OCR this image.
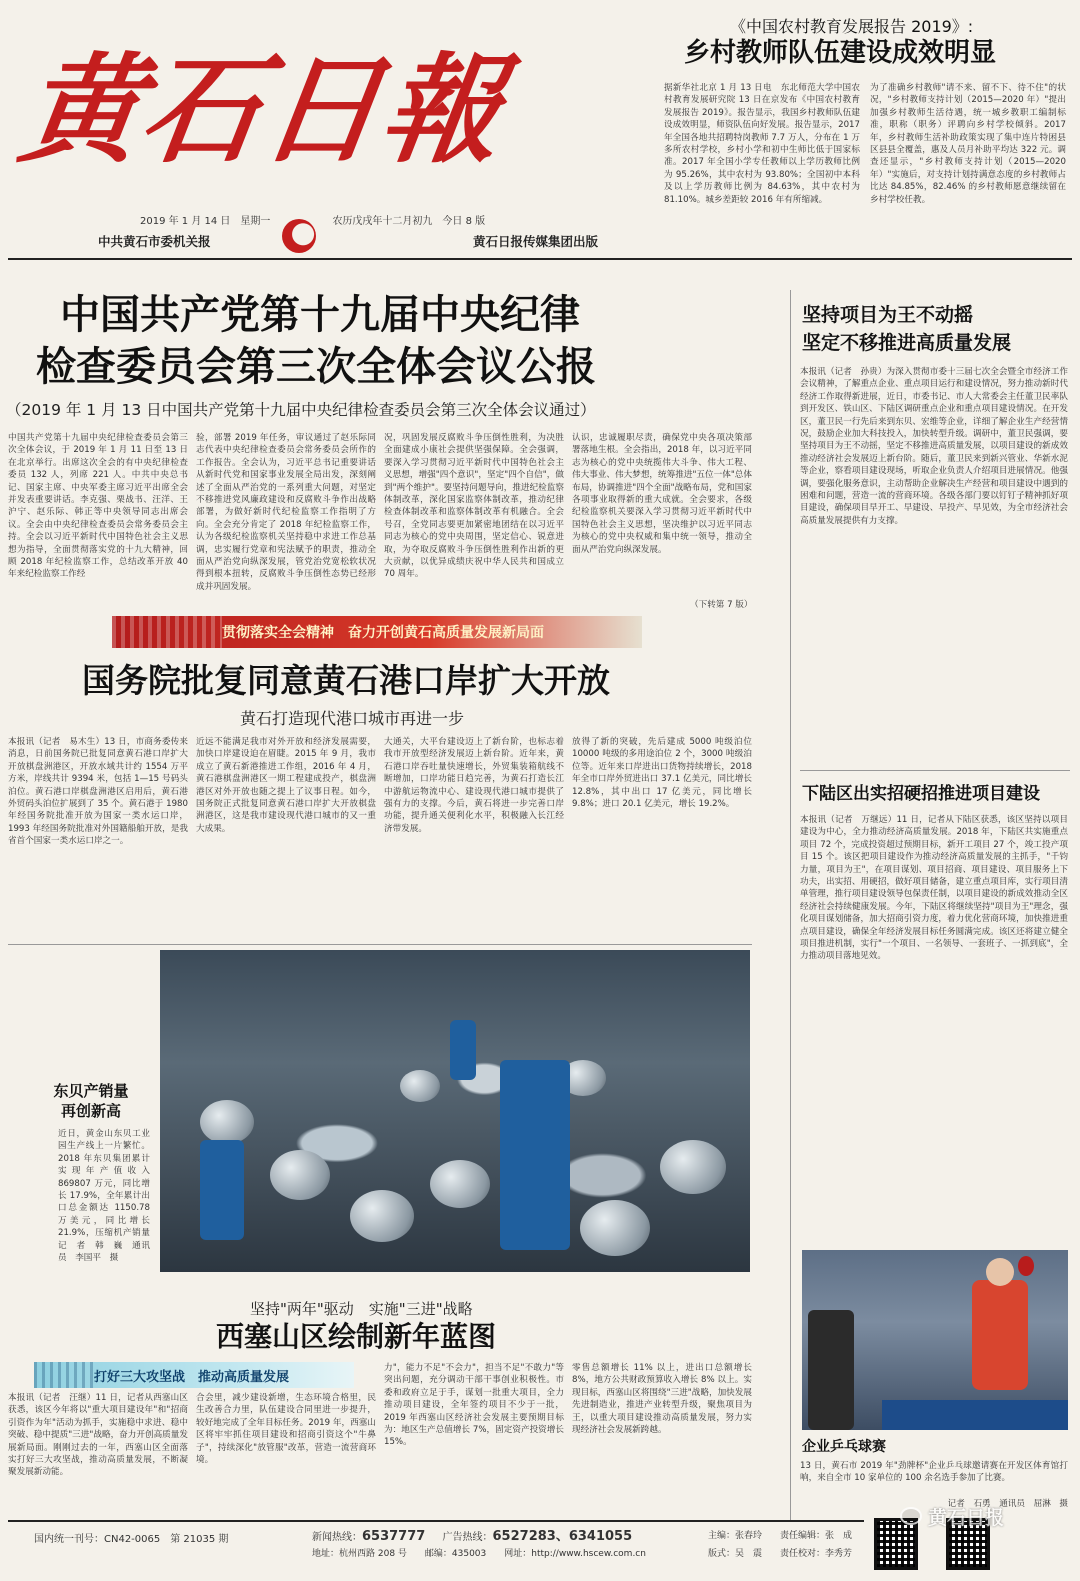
黄石日報
2019 年 1 月 14 日　星期一	农历戊戌年十二月初九　今日 8 版
中共黄石市委机关报	黄石日报传媒集团出版
《中国农村教育发展报告 2019》:
乡村教师队伍建设成效明显
据新华社北京 1 月 13 日电　东北师范大学中国农村教育发展研究院 13 日在京发布《中国农村教育发展报告 2019》。报告显示，我国乡村教师队伍建设成效明显，师资队伍向好发展。报告显示，2017 年全国各地共招聘特岗教师 7.7 万人，分布在 1 万多所农村学校，乡村小学和初中生师比低于国家标准。2017 年全国小学专任教师以上学历教师比例为 95.26%，其中农村为 93.80%；全国初中本科及以上学历教师比例为 84.63%，其中农村为 81.10%。城乡差距较 2016 年有所缩减。
为了准确乡村教师"请不来、留不下、待不住"的状况，"乡村教师支持计划（2015—2020 年）"提出加强乡村教师生活待遇，统一城乡教职工编制标准，职称（职务）评聘向乡村学校倾斜。2017 年，乡村教师生活补助政策实现了集中连片特困县区县县全覆盖，惠及人员月补助平均达 322 元。调查还显示，"乡村教师支持计划（2015—2020 年）"实施后，对支持计划持满意态度的乡村教师占比达 84.85%，82.46% 的乡村教师愿意继续留在乡村学校任教。
中国共产党第十九届中央纪律
检查委员会第三次全体会议公报
（2019 年 1 月 13 日中国共产党第十九届中央纪律检查委员会第三次全体会议通过）
中国共产党第十九届中央纪律检查委员会第三次全体会议，于 2019 年 1 月 11 日至 13 日在北京举行。出席这次全会的有中央纪律检查委员 132 人，列席 221 人。中共中央总书记、国家主席、中央军委主席习近平出席全会并发表重要讲话。李克强、栗战书、汪洋、王沪宁、赵乐际、韩正等中央领导同志出席会议。全会由中央纪律检查委员会常务委员会主持。全会以习近平新时代中国特色社会主义思想为指导，全面贯彻落实党的十九大精神，回顾 2018 年纪检监察工作，总结改革开放 40 年来纪检监察工作经
验，部署 2019 年任务，审议通过了赵乐际同志代表中央纪律检查委员会常务委员会所作的工作报告。全会认为，习近平总书记重要讲话从新时代党和国家事业发展全局出发，深刻阐述了全面从严治党的一系列重大问题，对坚定不移推进党风廉政建设和反腐败斗争作出战略部署，为做好新时代纪检监察工作指明了方向。全会充分肯定了 2018 年纪检监察工作，认为各级纪检监察机关坚持稳中求进工作总基调，忠实履行党章和宪法赋予的职责，推动全面从严治党向纵深发展，管党治党宽松软状况得到根本扭转，反腐败斗争压倒性态势已经形成并巩固发展。
况，巩固发展反腐败斗争压倒性胜利，为决胜全面建成小康社会提供坚强保障。全会强调，要深入学习贯彻习近平新时代中国特色社会主义思想，增强"四个意识"，坚定"四个自信"，做到"两个维护"。要坚持问题导向，推进纪检监察体制改革，深化国家监察体制改革，推动纪律检查体制改革和监察体制改革有机融合。全会号召，全党同志要更加紧密地团结在以习近平同志为核心的党中央周围，坚定信心、锐意进取，为夺取反腐败斗争压倒性胜利作出新的更大贡献，以优异成绩庆祝中华人民共和国成立 70 周年。
认识，忠诚履职尽责，确保党中央各项决策部署落地生根。全会指出，2018 年，以习近平同志为核心的党中央统揽伟大斗争、伟大工程、伟大事业、伟大梦想，统筹推进"五位一体"总体布局，协调推进"四个全面"战略布局，党和国家各项事业取得新的重大成就。全会要求，各级纪检监察机关要深入学习贯彻习近平新时代中国特色社会主义思想，坚决维护以习近平同志为核心的党中央权威和集中统一领导，推动全面从严治党向纵深发展。
（下转第 7 版）
贯彻落实全会精神　奋力开创黄石高质量发展新局面
国务院批复同意黄石港口岸扩大开放
黄石打造现代港口城市再进一步
本报讯（记者　易木生）13 日，市商务委传来消息，日前国务院已批复同意黄石港口岸扩大开放棋盘洲港区，开放水域共计约 1554 万平方米，岸线共计 9394 米，包括 1—15 号码头泊位。黄石港口岸棋盘洲港区启用后，黄石港外贸码头泊位扩展到了 35 个。黄石港于 1980 年经国务院批准开放为国家一类水运口岸，1993 年经国务院批准对外国籍船舶开放，是我省首个国家一类水运口岸之一。
近远不能满足我市对外开放和经济发展需要，加快口岸建设迫在眉睫。2015 年 9 月，我市成立了黄石新港推进工作组，2016 年 4 月，黄石港棋盘洲港区一期工程建成投产，棋盘洲港区对外开放也随之提上了议事日程。如今，国务院正式批复同意黄石港口岸扩大开放棋盘洲港区，这是我市建设现代港口城市的又一重大成果。
大通关，大平台建设迈上了新台阶，也标志着我市开放型经济发展迈上新台阶。近年来，黄石港口岸吞吐量快速增长，外贸集装箱航线不断增加，口岸功能日趋完善，为黄石打造长江中游航运物流中心、建设现代港口城市提供了强有力的支撑。今后，黄石将进一步完善口岸功能，提升通关便利化水平，积极融入长江经济带发展。
放得了新的突破，先后建成 5000 吨级泊位 10000 吨级的多用途泊位 2 个，3000 吨级泊位等。近年来口岸进出口货物持续增长，2018 年全市口岸外贸进出口 37.1 亿美元，同比增长 12.8%，其中出口 17 亿美元，同比增长 9.8%；进口 20.1 亿美元，增长 19.2%。
东贝产销量
再创新高
近日，黄金山东贝工业园生产线上一片繁忙。2018 年东贝集团累计实现年产值收入 869807 万元，同比增长 17.9%，全年累计出口总金额达 1150.78 万美元，同比增长 21.9%，压缩机产销量
记　者　韩　巍　通讯员　李国平　摄
坚持"两年"驱动　实施"三进"战略
西塞山区绘制新年蓝图
打好三大攻坚战　推动高质量发展
本报讯（记者　汪继）11 日，记者从西塞山区获悉，该区今年将以"重大项目建设年"和"招商引资作为年"活动为抓手，实施稳中求进、稳中突破、稳中提质"三进"战略，奋力开创高质量发展新局面。刚刚过去的一年，西塞山区全面落实打好三大攻坚战，推动高质量发展，不断凝聚发展新动能。
合会里，减少建设新增，生态环境合格里，民生改善合力里，队伍建设合同里进一步提升，较好地完成了全年目标任务。2019 年，西塞山区将牢牢抓住项目建设和招商引资这个"牛鼻子"，持续深化"放管服"改革，营造一流营商环境。
力"，能力不足"不会力"，担当不足"不敢力"等突出问题，充分调动干部干事创业积极性。市委和政府立足于手，谋划一批重大项目，全力推动项目建设，全年签约项目不少于一批，2019 年西塞山区经济社会发展主要预期目标为：地区生产总值增长 7%，固定资产投资增长 15%。
零售总额增长 11% 以上，进出口总额增长 8%，地方公共财政预算收入增长 8% 以上。实现目标，西塞山区将围绕"三进"战略，加快发展先进制造业，推进产业转型升级，聚焦项目为王，以重大项目建设推动高质量发展，努力实现经济社会发展新跨越。
坚持项目为王不动摇
坚定不移推进高质量发展
本报讯（记者　孙贵）为深入贯彻市委十三届七次全会暨全市经济工作会议精神，了解重点企业、重点项目运行和建设情况，努力推动新时代经济工作取得新进展，近日，市委书记、市人大常委会主任董卫民率队到开发区、铁山区、下陆区调研重点企业和重点项目建设情况。在开发区，董卫民一行先后来到东贝、宏维等企业，详细了解企业生产经营情况，鼓励企业加大科技投入，加快转型升级。调研中，董卫民强调，要坚持项目为王不动摇，坚定不移推进高质量发展，以项目建设的新成效推动经济社会发展迈上新台阶。随后，董卫民来到新兴管业、华新水泥等企业，察看项目建设现场，听取企业负责人介绍项目进展情况。他强调，要强化服务意识，主动帮助企业解决生产经营和项目建设中遇到的困难和问题，营造一流的营商环境。各级各部门要以钉钉子精神抓好项目建设，确保项目早开工、早建设、早投产、早见效，为全市经济社会高质量发展提供有力支撑。
下陆区出实招硬招推进项目建设
本报讯（记者　万继远）11 日，记者从下陆区获悉，该区坚持以项目建设为中心，全力推动经济高质量发展。2018 年，下陆区共实施重点项目 72 个，完成投资超过预期目标，新开工项目 27 个，竣工投产项目 15 个。该区把项目建设作为推动经济高质量发展的主抓手，"千钧力量，项目为王"，在项目谋划、项目招商、项目建设、项目服务上下功夫，出实招、用硬招，做好项目储备，建立重点项目库，实行项目清单管理，推行项目建设领导包保责任制，以项目建设的新成效推动全区经济社会持续健康发展。今年，下陆区将继续坚持"项目为王"理念，强化项目谋划储备，加大招商引资力度，着力优化营商环境，加快推进重点项目建设，确保全年经济发展目标任务圆满完成。该区还将建立健全项目推进机制，实行"一个项目、一名领导、一套班子、一抓到底"，全力推动项目落地见效。
企业乒乓球赛
13 日，黄石市 2019 年"劲牌杯"企业乒乓球邀请赛在开发区体育馆打响，来自全市 10 家单位的 100 余名选手参加了比赛。
记者　石勇　通讯员　屈淋　摄
国内统一刊号：CN42-0065　第 21035 期	新闻热线：6537777 广告热线：6527283、6341055
地址：杭州西路 208 号　　邮编：435003　　网址：http://www.hscew.com.cn
主编：张春玲　　责任编辑：张　成
版式：吴　震　　责任校对：李秀芳
黄石日报
